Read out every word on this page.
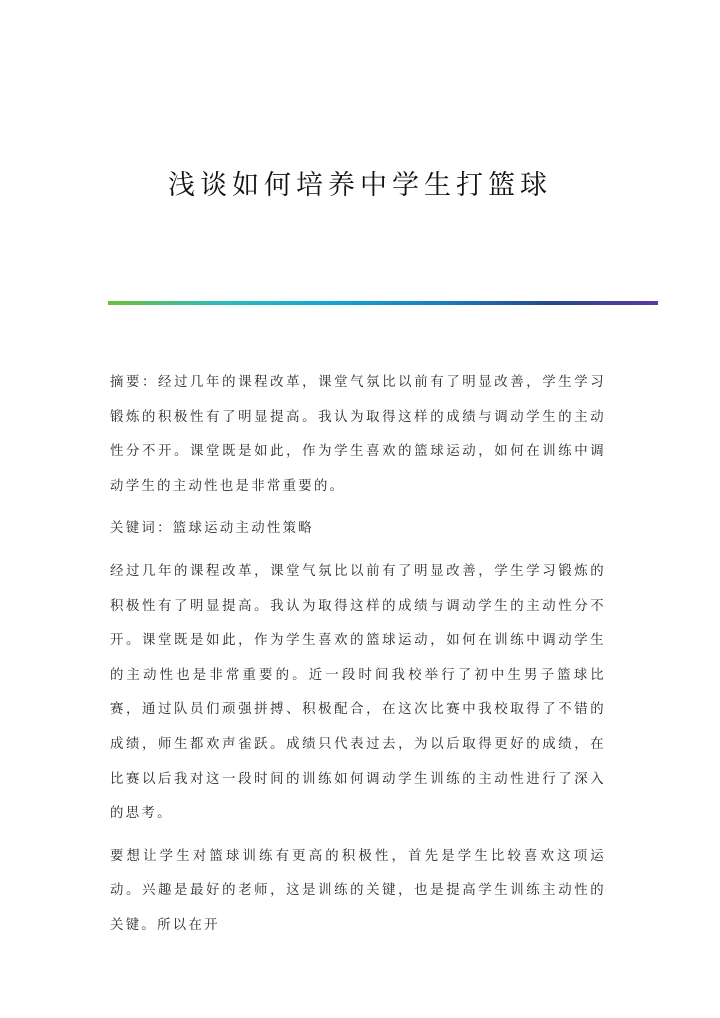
浅谈如何培养中学生打篮球

摘要：经过几年的课程改革，课堂气氛比以前有了明显改善，学生学习锻炼的积极性有了明显提高。我认为取得这样的成绩与调动学生的主动性分不开。课堂既是如此，作为学生喜欢的篮球运动，如何在训练中调动学生的主动性也是非常重要的。

关键词：篮球运动主动性策略

经过几年的课程改革，课堂气氛比以前有了明显改善，学生学习锻炼的积极性有了明显提高。我认为取得这样的成绩与调动学生的主动性分不开。课堂既是如此，作为学生喜欢的篮球运动，如何在训练中调动学生的主动性也是非常重要的。近一段时间我校举行了初中生男子篮球比赛，通过队员们顽强拼搏、积极配合，在这次比赛中我校取得了不错的成绩，师生都欢声雀跃。成绩只代表过去，为以后取得更好的成绩，在比赛以后我对这一段时间的训练如何调动学生训练的主动性进行了深入的思考。

要想让学生对篮球训练有更高的积极性，首先是学生比较喜欢这项运动。兴趣是最好的老师，这是训练的关键，也是提高学生训练主动性的关键。所以在开
